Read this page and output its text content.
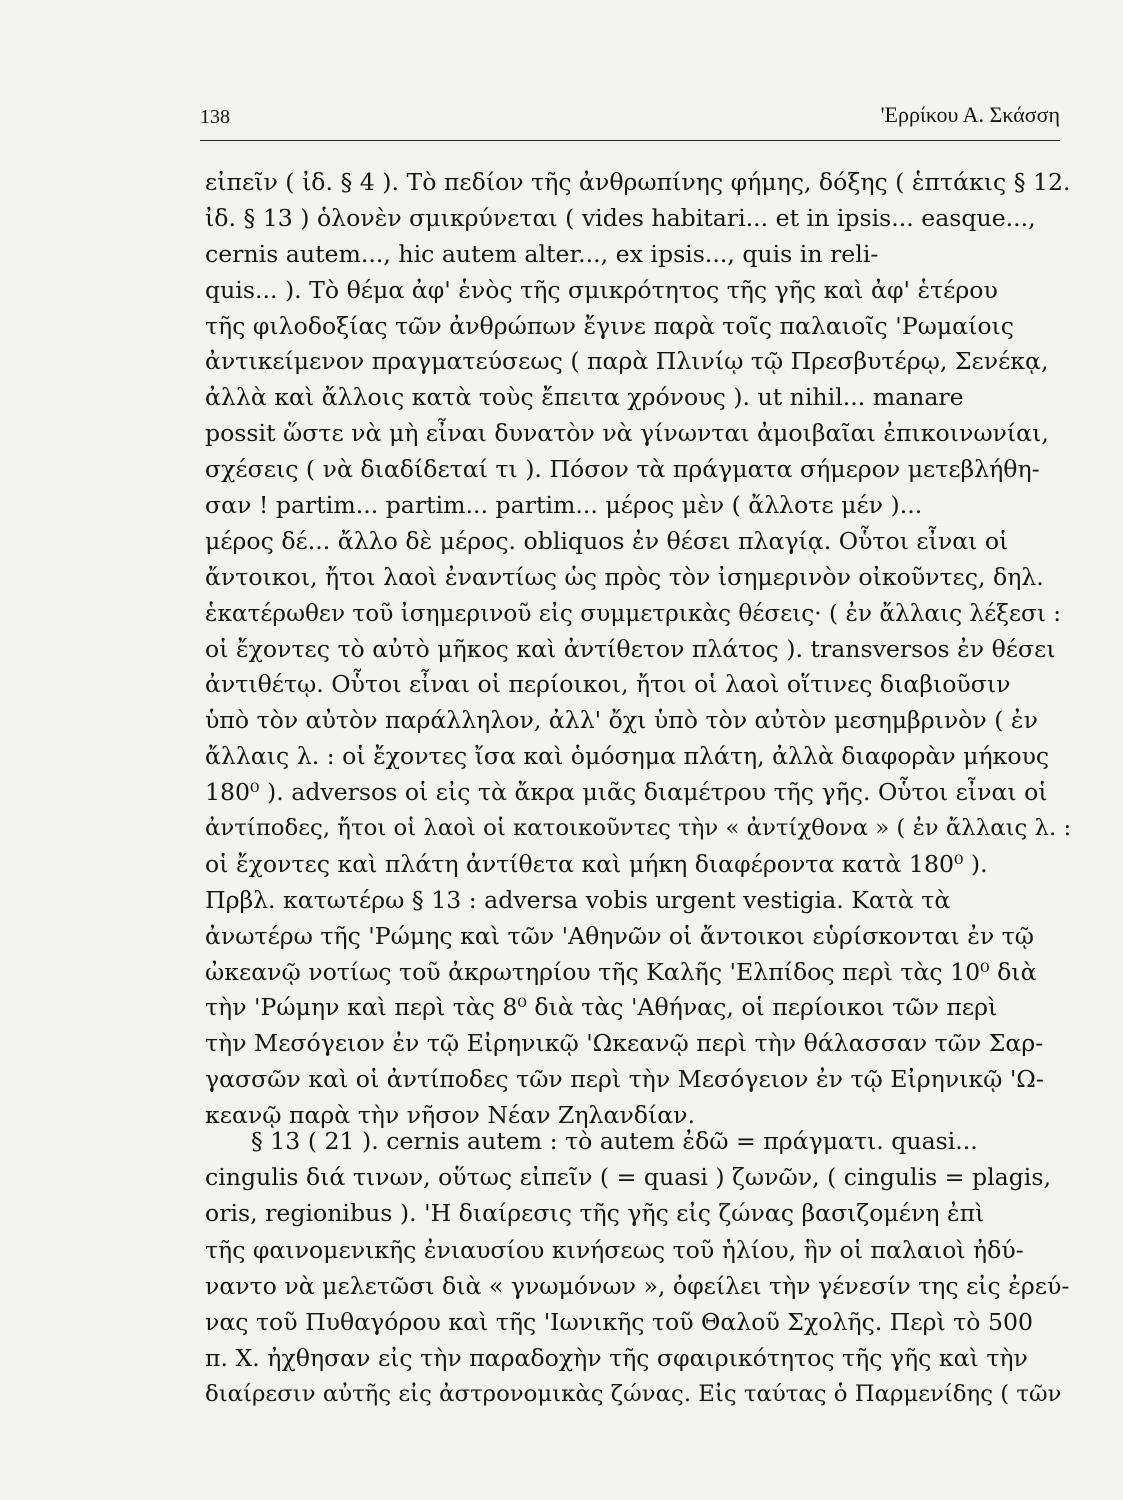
138	'Ερρίκου Α. Σκάσση
εἰπεῖν ( ἰδ. § 4 ). Τὸ πεδίον τῆς ἀνθρωπίνης φήμης, δόξης ( ἑπτάκις § 12.
ἰδ. § 13 ) ὁλονὲν σμικρύνεται ( vides habitari... et in ipsis... easque...,
cernis autem..., hic autem alter..., ex ipsis..., quis in reli-
quis... ). Τὸ θέμα ἀφ' ἑνὸς τῆς σμικρότητος τῆς γῆς καὶ ἀφ' ἑτέρου
τῆς φιλοδοξίας τῶν ἀνθρώπων ἔγινε παρὰ τοῖς παλαιοῖς 'Ρωμαίοις
ἀντικείμενον πραγματεύσεως ( παρὰ Πλινίῳ τῷ Πρεσβυτέρῳ, Σενέκᾳ,
ἀλλὰ καὶ ἄλλοις κατὰ τοὺς ἔπειτα χρόνους ). ut nihil... manare
possit ὥστε νὰ μὴ εἶναι δυνατὸν νὰ γίνωνται ἀμοιβαῖαι ἐπικοινωνίαι,
σχέσεις ( νὰ διαδίδεταί τι ). Πόσον τὰ πράγματα σήμερον μετεβλήθη-
σαν ! partim... partim... partim... μέρος μὲν ( ἄλλοτε μέν )...
μέρος δέ... ἄλλο δὲ μέρος. obliquos ἐν θέσει πλαγίᾳ. Οὗτοι εἶναι οἱ
ἄντοικοι, ἤτοι λαοὶ ἐναντίως ὡς πρὸς τὸν ἰσημερινὸν οἰκοῦντες, δηλ.
ἑκατέρωθεν τοῦ ἰσημερινοῦ εἰς συμμετρικὰς θέσεις· ( ἐν ἄλλαις λέξεσι :
οἱ ἔχοντες τὸ αὐτὸ μῆκος καὶ ἀντίθετον πλάτος ). transversos ἐν θέσει
ἀντιθέτῳ. Οὗτοι εἶναι οἱ περίοικοι, ἤτοι οἱ λαοὶ οἵτινες διαβιοῦσιν
ὑπὸ τὸν αὐτὸν παράλληλον, ἀλλ' ὄχι ὑπὸ τὸν αὐτὸν μεσημβρινὸν ( ἐν
ἄλλαις λ. : οἱ ἔχοντες ἴσα καὶ ὁμόσημα πλάτη, ἀλλὰ διαφορὰν μήκους
180⁰ ). adversos οἱ εἰς τὰ ἄκρα μιᾶς διαμέτρου τῆς γῆς. Οὗτοι εἶναι οἱ
ἀντίποδες, ἤτοι οἱ λαοὶ οἱ κατοικοῦντες τὴν « ἀντίχθονα » ( ἐν ἄλλαις λ. :
οἱ ἔχοντες καὶ πλάτη ἀντίθετα καὶ μήκη διαφέροντα κατὰ 180⁰ ).
Πρβλ. κατωτέρω § 13 : adversa vobis urgent vestigia. Κατὰ τὰ
ἀνωτέρω τῆς 'Ρώμης καὶ τῶν 'Αθηνῶν οἱ ἄντοικοι εὑρίσκονται ἐν τῷ
ὠκεανῷ νοτίως τοῦ ἀκρωτηρίου τῆς Καλῆς 'Ελπίδος περὶ τὰς 10⁰ διὰ
τὴν 'Ρώμην καὶ περὶ τὰς 8⁰ διὰ τὰς 'Αθήνας, οἱ περίοικοι τῶν περὶ
τὴν Μεσόγειον ἐν τῷ Εἰρηνικῷ 'Ωκεανῷ περὶ τὴν θάλασσαν τῶν Σαρ-
γασσῶν καὶ οἱ ἀντίποδες τῶν περὶ τὴν Μεσόγειον ἐν τῷ Εἰρηνικῷ 'Ω-
κεανῷ παρὰ τὴν νῆσον Νέαν Ζηλανδίαν.
§ 13 ( 21 ). cernis autem : τὸ autem ἐδῶ = πράγματι. quasi...
cingulis διά τινων, οὕτως εἰπεῖν ( = quasi ) ζωνῶν, ( cingulis = plagis,
oris, regionibus ). 'Η διαίρεσις τῆς γῆς εἰς ζώνας βασιζομένη ἐπὶ
τῆς φαινομενικῆς ἐνιαυσίου κινήσεως τοῦ ἡλίου, ἣν οἱ παλαιοὶ ἠδύ-
ναντο νὰ μελετῶσι διὰ « γνωμόνων », ὀφείλει τὴν γένεσίν της εἰς ἐρεύ-
νας τοῦ Πυθαγόρου καὶ τῆς 'Ιωνικῆς τοῦ Θαλοῦ Σχολῆς. Περὶ τὸ 500
π. Χ. ἠχθησαν εἰς τὴν παραδοχὴν τῆς σφαιρικότητος τῆς γῆς καὶ τὴν
διαίρεσιν αὐτῆς εἰς ἀστρονομικὰς ζώνας. Εἰς ταύτας ὁ Παρμενίδης ( τῶν
